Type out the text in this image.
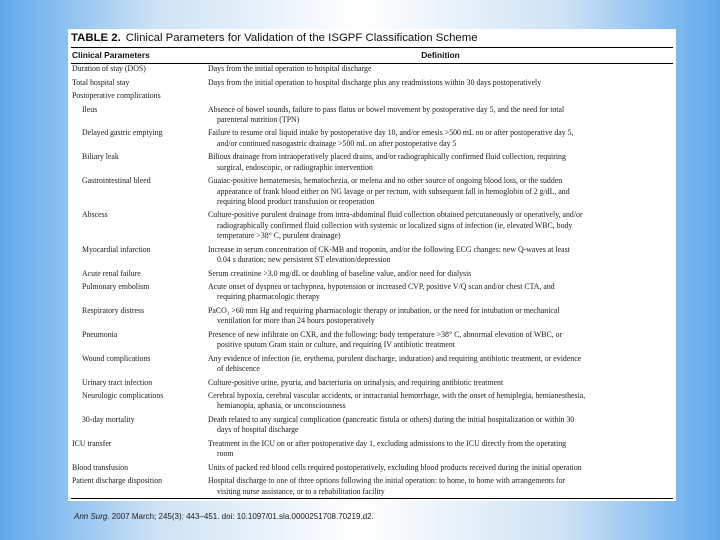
TABLE 2. Clinical Parameters for Validation of the ISGPF Classification Scheme
Clinical Parameters	Definition
Duration of stay (DOS)	Days from the initial operation to hospital discharge
Total hospital stay	Days from the initial operation to hospital discharge plus any readmissions within 30 days postoperatively
Postoperative complications
Ileus	Absence of bowel sounds, failure to pass flatus or bowel movement by postoperative day 5, and the need for total
parenteral nutrition (TPN)
Delayed gastric emptying	Failure to resume oral liquid intake by postoperative day 10, and/or emesis >500 mL on or after postoperative day 5,
and/or continued nasogastric drainage >500 mL on after postoperative day 5
Biliary leak	Bilious drainage from intraoperatively placed drains, and/or radiographically confirmed fluid collection, requiring
surgical, endoscopic, or radiographic intervention
Gastrointestinal bleed	Guaiac-positive hematemesis, hematochezia, or melena and no other source of ongoing blood loss, or the sudden
appearance of frank blood either on NG lavage or per rectum, with subsequent fall in hemoglobin of 2 g/dL, and
requiring blood product transfusion or reoperation
Abscess	Culture-positive purulent drainage from intra-abdominal fluid collection obtained percutaneously or operatively, and/or
radiographically confirmed fluid collection with systemic or localized signs of infection (ie, elevated WBC, body
temperature >38° C, purulent drainage)
Myocardial infarction	Increase in serum concentration of CK-MB and troponin, and/or the following ECG changes: new Q-waves at least
0.04 s duration; new persistent ST elevation/depression
Acute renal failure	Serum creatinine >3.0 mg/dL or doubling of baseline value, and/or need for dialysis
Pulmonary embolism	Acute onset of dyspnea or tachypnea, hypotension or increased CVP, positive V/Q scan and/or chest CTA, and
requiring pharmacologic therapy
Respiratory distress	PaCO₂ >60 mm Hg and requiring pharmacologic therapy or intubation, or the need for intubation or mechanical
ventilation for more than 24 hours postoperatively
Pneumonia	Presence of new infiltrate on CXR, and the following: body temperature >38° C, abnormal elevation of WBC, or
positive sputum Gram stain or culture, and requiring IV antibiotic treatment
Wound complications	Any evidence of infection (ie, erythema, purulent discharge, induration) and requiring antibiotic treatment, or evidence
of dehiscence
Urinary tract infection	Culture-positive urine, pyuria, and bacteriuria on urinalysis, and requiring antibiotic treatment
Neurologic complications	Cerebral hypoxia, cerebral vascular accidents, or intracranial hemorrhage, with the onset of hemiplegia, hemianesthesia,
hemianopia, aphasia, or unconsciousness
30-day mortality	Death related to any surgical complication (pancreatic fistula or others) during the initial hospitalization or within 30
days of hospital discharge
ICU transfer	Treatment in the ICU on or after postoperative day 1, excluding admissions to the ICU directly from the operating
room
Blood transfusion	Units of packed red blood cells required postoperatively, excluding blood products received during the initial operation
Patient discharge disposition	Hospital discharge to one of three options following the initial operation: to home, to home with arrangements for
visiting nurse assistance, or to a rehabilitation facility
Ann Surg. 2007 March; 245(3): 443–451. doi: 10.1097/01.sla.0000251708.70219.d2.
